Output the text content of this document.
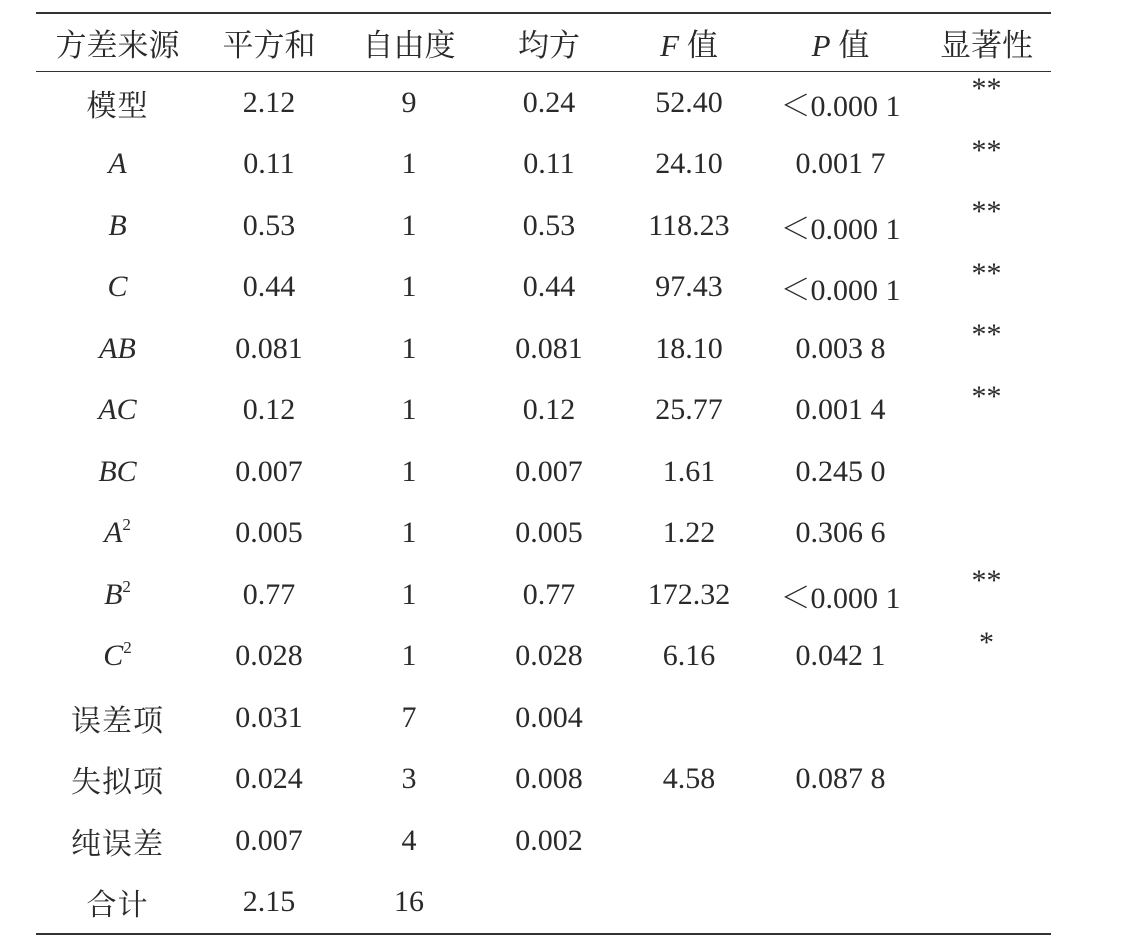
方差来源	平方和	自由度	均方	F 值	P 值	显著性
模型	2.12	9	0.24	52.40	＜0.000 1	**
A	0.11	1	0.11	24.10	0.001 7	**
B	0.53	1	0.53	118.23	＜0.000 1	**
C	0.44	1	0.44	97.43	＜0.000 1	**
AB	0.081	1	0.081	18.10	0.003 8	**
AC	0.12	1	0.12	25.77	0.001 4	**
BC	0.007	1	0.007	1.61	0.245 0	
$A^2$	0.005	1	0.005	1.22	0.306 6	
$B^2$	0.77	1	0.77	172.32	＜0.000 1	**
$C^2$	0.028	1	0.028	6.16	0.042 1	*
误差项	0.031	7	0.004			
失拟项	0.024	3	0.008	4.58	0.087 8	
纯误差	0.007	4	0.002			
合计	2.15	16				
